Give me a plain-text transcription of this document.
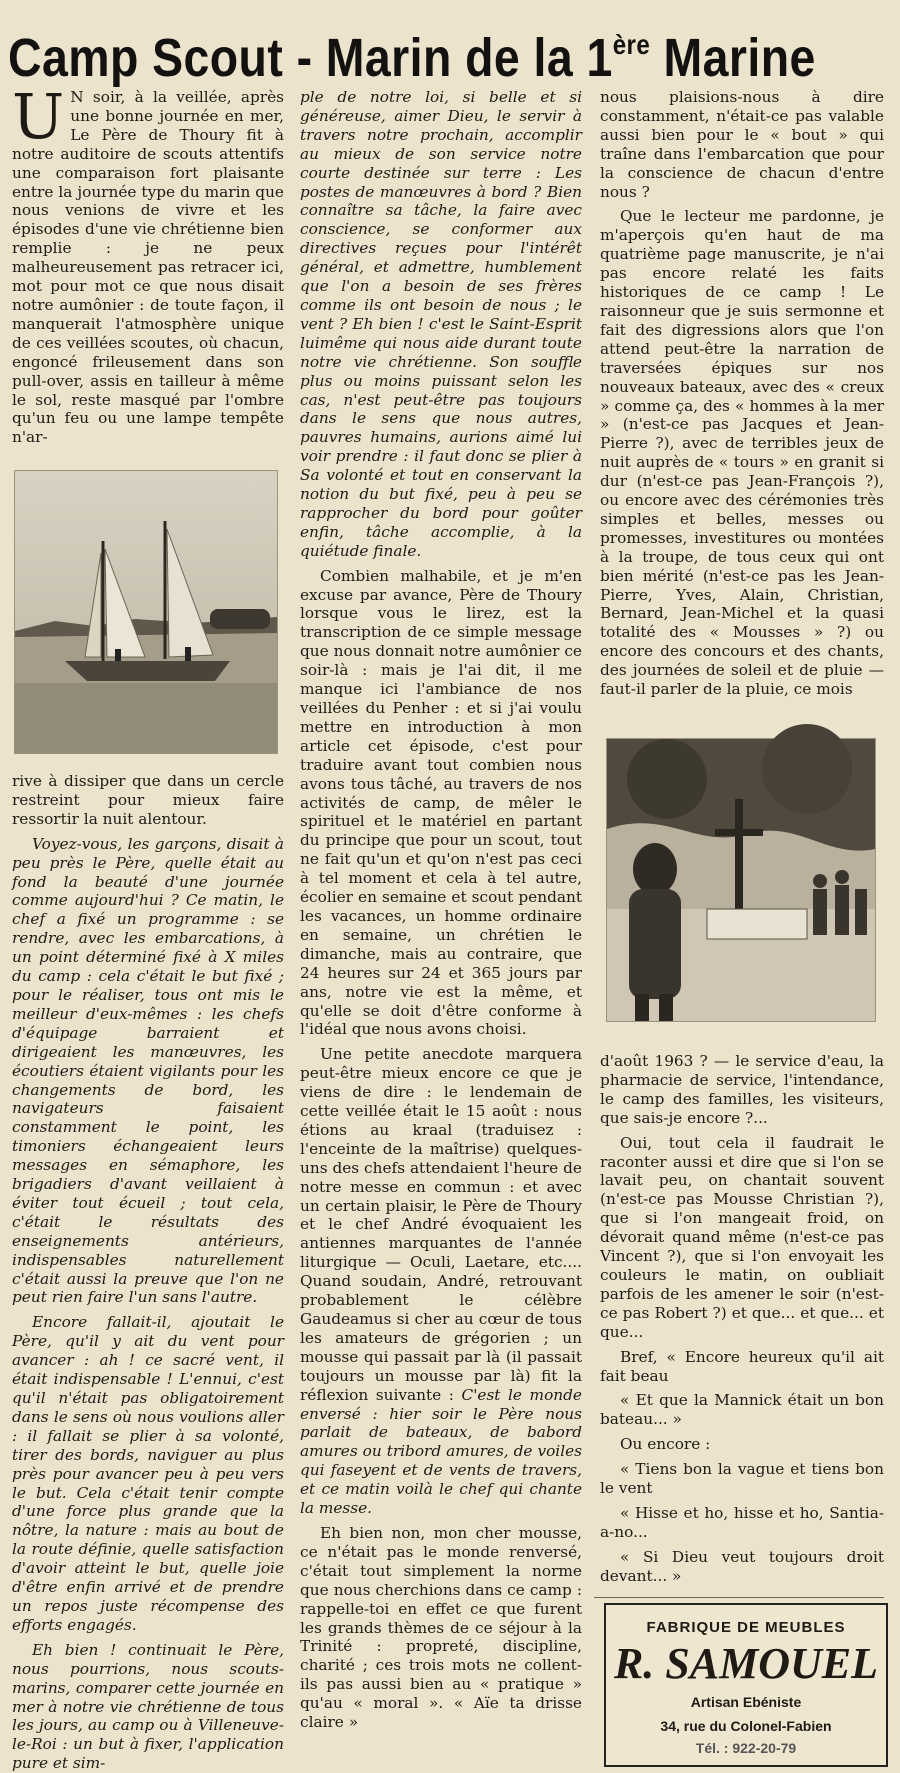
Camp Scout - Marin de la 1ère Marine

U N soir, à la veillée, après une bonne journée en mer, Le Père de Thoury fit à notre auditoire de scouts attentifs une comparaison fort plaisante entre la journée type du marin que nous venions de vivre et les épisodes d'une vie chrétienne bien remplie : je ne peux malheureusement pas retracer ici, mot pour mot ce que nous disait notre aumônier : de toute façon, il manquerait l'atmosphère unique de ces veillées scoutes, où chacun, engoncé frileusement dans son pull-over, assis en tailleur à même le sol, reste masqué par l'ombre qu'un feu ou une lampe tempête n'ar-

rive à dissiper que dans un cercle restreint pour mieux faire ressortir la nuit alentour.

Voyez-vous, les garçons, disait à peu près le Père, quelle était au fond la beauté d'une journée comme aujourd'hui ? Ce matin, le chef a fixé un programme : se rendre, avec les embarcations, à un point déterminé fixé à X miles du camp : cela c'était le but fixé ; pour le réaliser, tous ont mis le meilleur d'eux-mêmes : les chefs d'équipage barraient et dirigeaient les manœuvres, les écoutiers étaient vigilants pour les changements de bord, les navigateurs faisaient constamment le point, les timoniers échangeaient leurs messages en sémaphore, les brigadiers d'avant veillaient à éviter tout écueil ; tout cela, c'était le résultats des enseignements antérieurs, indispensables naturellement c'était aussi la preuve que l'on ne peut rien faire l'un sans l'autre.

Encore fallait-il, ajoutait le Père, qu'il y ait du vent pour avancer : ah ! ce sacré vent, il était indispensable ! L'ennui, c'est qu'il n'était pas obligatoirement dans le sens où nous voulions aller : il fallait se plier à sa volonté, tirer des bords, naviguer au plus près pour avancer peu à peu vers le but. Cela c'était tenir compte d'une force plus grande que la nôtre, la nature : mais au bout de la route définie, quelle satisfaction d'avoir atteint le but, quelle joie d'être enfin arrivé et de prendre un repos juste récompense des efforts engagés.

Eh bien ! continuait le Père, nous pourrions, nous scouts-marins, comparer cette journée en mer à notre vie chrétienne de tous les jours, au camp ou à Villeneuve-le-Roi : un but à fixer, l'application pure et sim-

ple de notre loi, si belle et si généreuse, aimer Dieu, le servir à travers notre prochain, accomplir au mieux de son service notre courte destinée sur terre : Les postes de manœuvres à bord ? Bien connaître sa tâche, la faire avec conscience, se conformer aux directives reçues pour l'intérêt général, et admettre, humblement que l'on a besoin de ses frères comme ils ont besoin de nous ; le vent ? Eh bien ! c'est le Saint-Esprit luimême qui nous aide durant toute notre vie chrétienne. Son souffle plus ou moins puissant selon les cas, n'est peut-être pas toujours dans le sens que nous autres, pauvres humains, aurions aimé lui voir prendre : il faut donc se plier à Sa volonté et tout en conservant la notion du but fixé, peu à peu se rapprocher du bord pour goûter enfin, tâche accomplie, à la quiétude finale.

Combien malhabile, et je m'en excuse par avance, Père de Thoury lorsque vous le lirez, est la transcription de ce simple message que nous donnait notre aumônier ce soir-là : mais je l'ai dit, il me manque ici l'ambiance de nos veillées du Penher : et si j'ai voulu mettre en introduction à mon article cet épisode, c'est pour traduire avant tout combien nous avons tous tâché, au travers de nos activités de camp, de mêler le spirituel et le matériel en partant du principe que pour un scout, tout ne fait qu'un et qu'on n'est pas ceci à tel moment et cela à tel autre, écolier en semaine et scout pendant les vacances, un homme ordinaire en semaine, un chrétien le dimanche, mais au contraire, que 24 heures sur 24 et 365 jours par ans, notre vie est la même, et qu'elle se doit d'être conforme à l'idéal que nous avons choisi.

Une petite anecdote marquera peut-être mieux encore ce que je viens de dire : le lendemain de cette veillée était le 15 août : nous étions au kraal (traduisez : l'enceinte de la maîtrise) quelques-uns des chefs attendaient l'heure de notre messe en commun : et avec un certain plaisir, le Père de Thoury et le chef André évoquaient les antiennes marquantes de l'année liturgique — Oculi, Laetare, etc.... Quand soudain, André, retrouvant probablement le célèbre Gaudeamus si cher au cœur de tous les amateurs de grégorien ; un mousse qui passait par là (il passait toujours un mousse par là) fit la réflexion suivante : C'est le monde enversé : hier soir le Père nous parlait de bateaux, de babord amures ou tribord amures, de voiles qui faseyent et de vents de travers, et ce matin voilà le chef qui chante la messe.

Eh bien non, mon cher mousse, ce n'était pas le monde renversé, c'était tout simplement la norme que nous cherchions dans ce camp : rappelle-toi en effet ce que furent les grands thèmes de ce séjour à la Trinité : propreté, discipline, charité ; ces trois mots ne collent-ils pas aussi bien au « pratique » qu'au « moral ». « Aïe ta drisse claire »

nous plaisions-nous à dire constamment, n'était-ce pas valable aussi bien pour le « bout » qui traîne dans l'embarcation que pour la conscience de chacun d'entre nous ?

Que le lecteur me pardonne, je m'aperçois qu'en haut de ma quatrième page manuscrite, je n'ai pas encore relaté les faits historiques de ce camp ! Le raisonneur que je suis sermonne et fait des digressions alors que l'on attend peut-être la narration de traversées épiques sur nos nouveaux bateaux, avec des « creux » comme ça, des « hommes à la mer » (n'est-ce pas Jacques et Jean-Pierre ?), avec de terribles jeux de nuit auprès de « tours » en granit si dur (n'est-ce pas Jean-François ?), ou encore avec des cérémonies très simples et belles, messes ou promesses, investitures ou montées à la troupe, de tous ceux qui ont bien mérité (n'est-ce pas les Jean-Pierre, Yves, Alain, Christian, Bernard, Jean-Michel et la quasi totalité des « Mousses » ?) ou encore des concours et des chants, des journées de soleil et de pluie — faut-il parler de la pluie, ce mois

d'août 1963 ? — le service d'eau, la pharmacie de service, l'intendance, le camp des familles, les visiteurs, que sais-je encore ?...

Oui, tout cela il faudrait le raconter aussi et dire que si l'on se lavait peu, on chantait souvent (n'est-ce pas Mousse Christian ?), que si l'on mangeait froid, on dévorait quand même (n'est-ce pas Vincent ?), que si l'on envoyait les couleurs le matin, on oubliait parfois de les amener le soir (n'est-ce pas Robert ?) et que... et que... et que...

Bref, « Encore heureux qu'il ait fait beau

« Et que la Mannick était un bon bateau... »

Ou encore :

« Tiens bon la vague et tiens bon le vent

« Hisse et ho, hisse et ho, Santia-a-no...

« Si Dieu veut toujours droit devant... »

FABRIQUE DE MEUBLES
R. SAMOUEL
Artisan Ebéniste
34, rue du Colonel-Fabien
Tél. : 922-20-79
